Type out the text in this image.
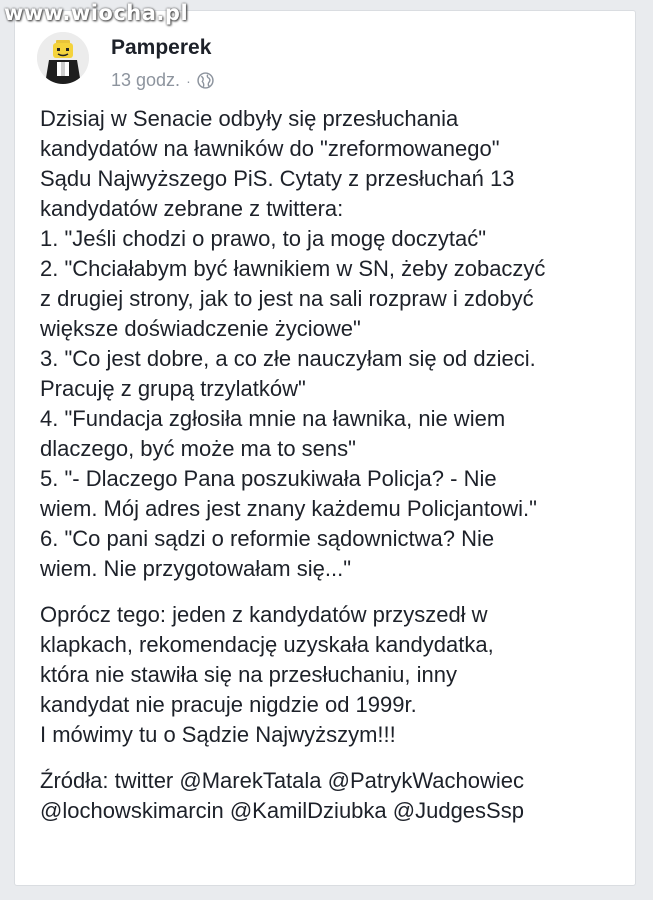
www.wiocha.pl
Pamperek
13 godz. ·

Dzisiaj w Senacie odbyły się przesłuchania
kandydatów na ławników do "zreformowanego"
Sądu Najwyższego PiS. Cytaty z przesłuchań 13
kandydatów zebrane z twittera:
1. "Jeśli chodzi o prawo, to ja mogę doczytać"
2. "Chciałabym być ławnikiem w SN, żeby zobaczyć
z drugiej strony, jak to jest na sali rozpraw i zdobyć
większe doświadczenie życiowe"
3. "Co jest dobre, a co złe nauczyłam się od dzieci.
Pracuję z grupą trzylatków"
4. "Fundacja zgłosiła mnie na ławnika, nie wiem
dlaczego, być może ma to sens"
5. "- Dlaczego Pana poszukiwała Policja? - Nie
wiem. Mój adres jest znany każdemu Policjantowi."
6. "Co pani sądzi o reformie sądownictwa? Nie
wiem. Nie przygotowałam się..."

Oprócz tego: jeden z kandydatów przyszedł w
klapkach, rekomendację uzyskała kandydatka,
która nie stawiła się na przesłuchaniu, inny
kandydat nie pracuje nigdzie od 1999r.
I mówimy tu o Sądzie Najwyższym!!!

Źródła: twitter @MarekTatala @PatrykWachowiec
@lochowskimarcin @KamilDziubka @JudgesSsp
